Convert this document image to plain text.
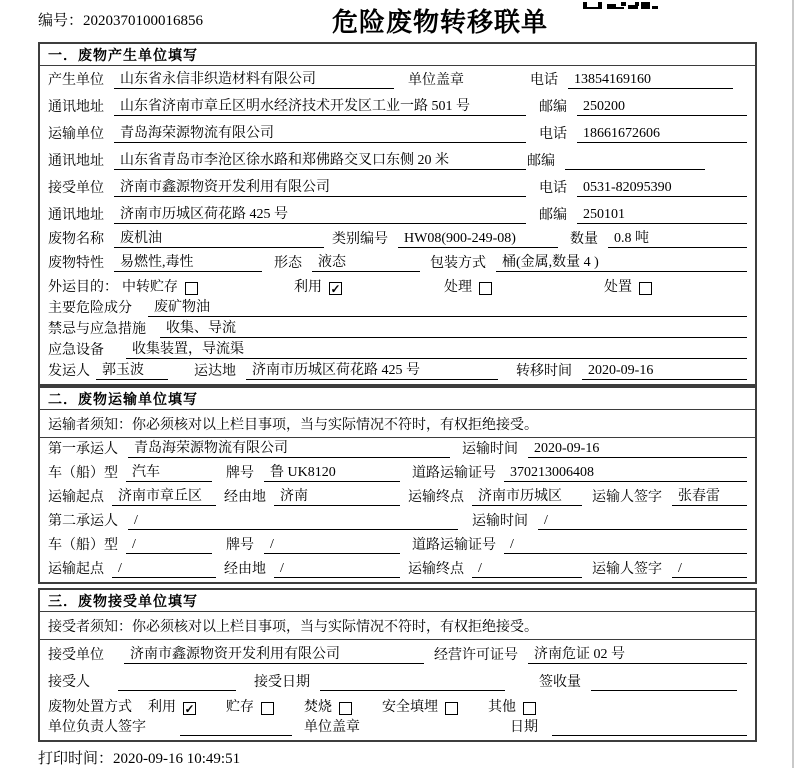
编号：2020370100016856	危险废物转移联单
一．废物产生单位填写
产生单位	山东省永信非织造材料有限公司	单位盖章	电话	13854169160
通讯地址	山东省济南市章丘区明水经济技术开发区工业一路 501 号	邮编	250200
运输单位	青岛海荣源物流有限公司	电话	18661672606
通讯地址	山东省青岛市李沧区徐水路和郑佛路交叉口东侧 20 米	邮编
接受单位	济南市鑫源物资开发利用有限公司	电话	0531-82095390
通讯地址	济南市历城区荷花路 425 号	邮编	250101
废物名称	废机油	类别编号	HW08(900-249-08)	数量	0.8 吨
废物特性	易燃性,毒性	形态	液态	包装方式	桶(金属,数量 4 )
外运目的： 中转贮存	利用 ✓	处理	处置
主要危险成分	废矿物油
禁忌与应急措施	收集、导流
应急设备	收集装置，导流渠
发运人 郭玉波	运达地	济南市历城区荷花路 425 号	转移时间	2020-09-16
二．废物运输单位填写
运输者须知：你必须核对以上栏目事项，当与实际情况不符时，有权拒绝接受。
第一承运人	青岛海荣源物流有限公司	运输时间	2020-09-16
车（船）型	汽车	牌号	鲁 UK8120	道路运输证号	370213006408
运输起点	济南市章丘区	经由地	济南	运输终点	济南市历城区	运输人签字	张春雷
第二承运人	/	运输时间	/
车（船）型	/	牌号	/	道路运输证号	/
运输起点	/	经由地	/	运输终点	/	运输人签字	/
三．废物接受单位填写
接受者须知：你必须核对以上栏目事项，当与实际情况不符时，有权拒绝接受。
接受单位	济南市鑫源物资开发利用有限公司	经营许可证号	济南危证 02 号
接受人	接受日期	签收量
废物处置方式 利用 ✓ 贮存	焚烧	安全填埋	其他
单位负责人签字	单位盖章	日期
打印时间：2020-09-16 10:49:51
